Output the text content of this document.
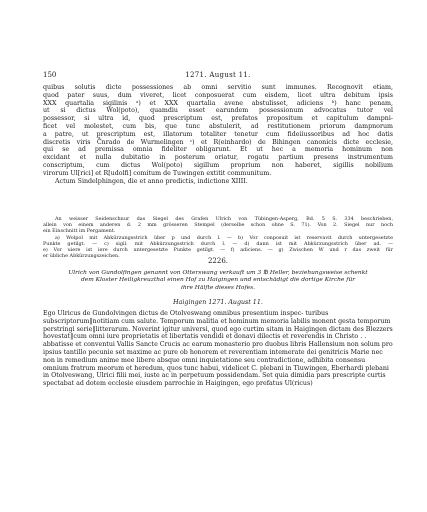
150	1271. August 11.
quibus solutis dicte possessiones ab omni servitio sunt immunes. Recognovit etiam,
quod pater suus, dum viveret, licet conposuerat cum eisdem, licet ultra debitum ipsis
XXX quartalia sigilinis ᵃ) et XXX quartalia avene abstulisset, adiciens ᵇ) hanc penam,
ut si dictus Wol(poto), quamdiu esset earundem possessionum advocatus tutor vel
possessor, si ultra id, quod prescriptum est, prefatos propositum et capitulum dampni-
ficet vel molestet, cum bis, que tunc abstulerit, ad restitutionem priorum dampnorum
a patre, ut prescriptum est, illatorum totaliter tenetur cum fideiiussoribus ad hoc datis
discretis viris C̊nrado de Wurmelingen ᶜ) et R(einhardo) de Bihingen canonicis dicte ecclesie,
qui se ad premissa omnia fideliter obligarunt. Et ut hec a memoria hominum non
excidant et nulla dubitatio in posterum oriatur, rogatu partium presens instrumentum
conscriptum, cum dictus Wol(poto) sigillum proprium non haberet, sigillis nobilium
virorum Ul[rici] et R[udolfi] comitum de Tuwingen extitit communitum.
Actum Sindelphingen, die et anno predictis, indictione XIIII.
An weisser Seidenschnur das Siegel des Grafen Ulrich von Tübingen-Asperg, Bd. 5 S. 334 beschrieben,
allein von einem anderen d. 2 mm grösseren Stempel (derselbe schon ohne S. 71). Von 2. Siegel nur noch
ein Einschnitt im Pergament.
a) Wolpol mit Abkürzungsstrich über p und durch l. — b) Vor conposuit ist reservavit durch untergesetzte
Punkte getilgt. — c) sigil. mit Abkürzungsstrich durch l. — d) dann ist mit Abkürzungsstrich über ad. —
e) Vor uiere ist iere durch untergesetzte Punkte getilgt. — f) adiciens. — g) Zwischen W und r das zweit für
er übliche Abkürzungszeichen.
2226.
Ulrich von Gundolfingen genannt von Otterswang verkauft um 3 ℔ Heller, beziehungsweise schenkt
dem Kloster Heiligkreuzthal einen Hof zu Haigingen und entschädigt die dortige Kirche für
ihre Hälfte dieses Hofes.
Haigingen 1271. August 11.
Ego Ulricus de Gundolvingen dictus de Otolveswang omnibus presentium inspec- turibus subscriptorum‖notitiam cum salute. Temporum malitia et hominum memoria labilis monent gesta temporum perstringi serie‖litterarum. Noverint igitur universi, quod ego curtim sitam in Haigingen dictam des Blezzers hovestat‖cum omni iure proprietatis et libertatis vendidi et donavi dilectis et reverendis in Christo . . abbatisse et conventui Vallis Sancte Crucis ac earum monasterio pro duobus libris Hallensium non solum pro ipsius tantillo pecunie set maxime ac pure ob honorem et reverentiam intemerate dei genitricis Marie nec non in remedium anime mee libere absque omni inquietatione seu contradictione, adhibita consensu omnium fratrum meorum et heredum, quos tunc habui, videlicet C. plebani in Tiuwingen, Eberhardi plebani in Otolveswang, Ulrici filii mei, iuste ac in perpetuum possidendam. Set quia dimidia pars prescripte curtis spectabat ad dotem ecclesie eiusdem parrochie in Haigingen, ego prefatus Ul(ricus)
